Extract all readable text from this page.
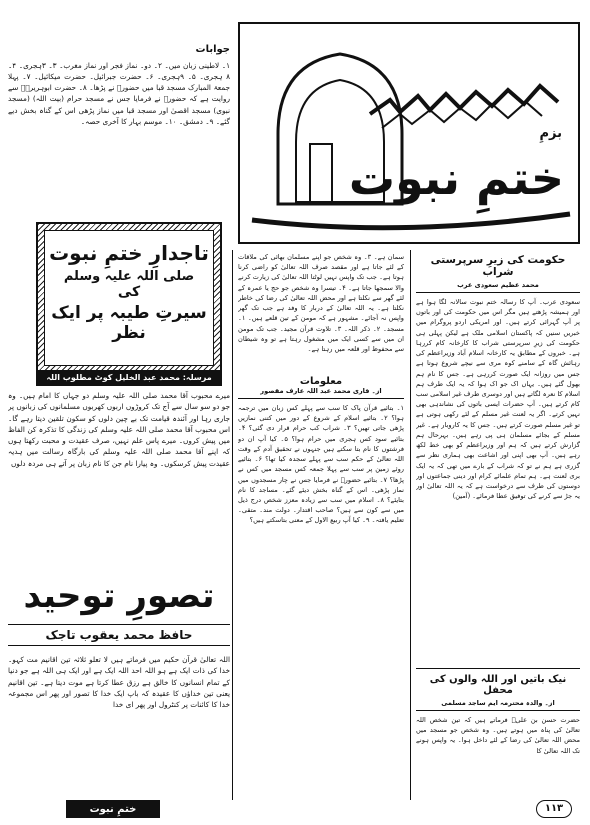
بزمِ
ختمِ نبوت
جوابات
۱۔ لاطینی زبان میں۔ ۲۔ دو۔ نماز فجر اور نماز مغرب۔ ۳۔ ۳ہجری۔ ۴۔ ۸ ہجری۔ ۵۔ ۹ہجری۔ ۶۔ حضرت جبرائیل۔ حضرت میکائیل۔ ۷۔ پہلا جمعۃ المبارک مسجد قبا میں حضورؐ نے پڑھا۔ ۸۔ حضرت ابوہریرہؓ سے روایت ہے کہ حضورؐ نے فرمایا جس نے مسجد حرام (بیت اللہ) (مسجد نبوی) مسجد اقصیٰ اور مسجد قبا میں نماز پڑھی اس کے گناہ بخش دیے گئے۔ ۹۔ دمشق۔ ۱۰۔ موسم بہار کا آخری حصہ۔
تاجدارِ ختمِ نبوت
صلی اللہ علیہ وسلم
کی
سیرتِ طیبہ پر ایک نظر
مرسلہ: محمد عبد الخلیل کوٹ مطلوب اللہ
میرے محبوب آقا محمد صلی اللہ علیہ وسلم دو جہاں کا امام ہیں۔ وہ جو دو سو سال سے آج تک کروڑوں اربوں کھربوں مسلمانوں کی زبانوں پر جاری رہا اور آئندہ قیامت تک بے چین دلوں کو سکون تلقین دیتا رہے گا۔ اس محبوب آقا محمد صلی اللہ علیہ وسلم کی زندگی کا تذکرہ کن الفاظ میں پیش کروں۔ میرے پاس علم نہیں، صرف عقیدت و محبت رکھتا ہوں کہ اپنے آقا محمد صلی اللہ علیہ وسلم کی بارگاہ رسالت میں ہدیہ عقیدت پیش کرسکوں۔ وہ پیارا نام جن کا نام زبان پر آتے ہی مردہ دلوں
تصورِ توحید
حافظ محمد یعقوب تاجک
اللہ تعالیٰ قرآن حکیم میں فرماتے ہیں لا تعلو ثلاثہ تین اقانیم مت کہو۔ خدا کی ذات ایک ہے ہو اللہ احد اللہ ایک ہے اور ایک ہی اللہ ہے جو دنیا کے تمام انسانوں کا خالق ہے رزق عطا کرتا ہے موت دیتا ہے۔ تین اقانیم یعنی تین خداؤں کا عقیدہ کہ باپ ایک خدا کا تصور اور پھر اس مجموعہ خدا کا کائنات پر کنٹرول اور پھر ای خدا
ختمِ نبوت	۱۱۳
سمان ہے۔ ۳۔ وہ شخص جو اپنے مسلمان بھائی کی ملاقات کے لئے جاتا ہے اور مقصد صرف اللہ تعالیٰ کو راضی کرنا ہوتا ہے۔ جب تک واپس نہیں لوٹتا اللہ تعالیٰ کی زیارت کرنے والا سمجھا جاتا ہے۔ ۴۔ تیسرا وہ شخص جو حج یا عمرہ کے لئے گھر سے نکلتا ہے اور محض اللہ تعالیٰ کی رضا کی خاطر نکلتا ہے۔ یہ اللہ تعالیٰ کے دربار کا وفد ہے جب تک گھر واپس نہ آجائے۔ مشہور ہے کہ مومن کے تین قلعے ہیں۔ ۱۔ مسجد۔ ۲۔ ذکر اللہ۔ ۳۔ تلاوت قرآن مجید۔ جب تک مومن ان میں سے کسی ایک میں مشغول رہتا ہے تو وہ شیطان سے محفوظ اور قلعہ میں رہتا ہے۔
معلومات
از۔ قاری محمد عبد اللہ عارف مقصور
۱۔ بتائیے قرآن پاک کا سب سے پہلے کس زبان میں ترجمہ ہوا؟ ۲۔ بتائیے اسلام کے شروع کے دور میں کتنی نمازیں پڑھی جاتی تھیں؟ ۳۔ شراب کب حرام قرار دی گئی؟ ۴۔ بتائیے سود کس ہجری میں حرام ہوا؟ ۵۔ کیا آپ ان دو فرشتوں کا نام بتا سکتے ہیں جنہوں نے تحقیق آدم کے وقت اللہ تعالیٰ کے حکم سب سے پہلے سجدہ کیا تھا؟ ۶۔ بتائیے روئے زمین پر سب سے پہلا جمعہ کس مسجد میں کس نے پڑھا؟ ۷۔ بتائیے حضورؐ نے فرمایا جس نے چار مسجدوں میں نماز پڑھی۔ اس کے گناہ بخش دیئے گئے۔ مساجد کا نام بتایئے؟ ۸۔ اسلام میں سب سے زیادہ معزز شخص درج ذیل میں سے کون سے ہیں؟ صاحب اقتدار۔ دولت مند۔ متقی۔ تعلیم یافتہ۔ ۹۔ کیا آپ ربیع الاول کے معنی بتاسکتے ہیں؟
حکومت کی زیرِ سرپرستی شراب
محمد عظیم سعودی عرب
سعودی عرب۔ آپ کا رسالہ ختم نبوت سالانہ لگا ہوا ہے اور ہمیشہ پڑھتے ہیں مگر اس میں حکومت کی اور باتوں پر آپ گہرائی کرتے ہیں۔ اور امریکی اردو پروگرام میں خبریں سنیں کہ پاکستان اسلامی ملک ہے لیکن پہلی ہی حکومت کی زیرِ سرپرستی شراب کا کارخانہ کام کررہا ہے۔ خبروں کے مطابق یہ کارخانہ اسلام آباد وزیراعظم کی رہائش گاہ کے سامنے کوہ مری سے نیچے شروع ہوتا ہے جس میں روزانہ ایک صورت کررہی ہے۔ جس کا نام ہم بھول گئے ہیں۔ یہاں اک جو اک ہوا کہ یہ ایک طرف ہم اسلام کا نعرہ لگاتے ہیں اور دوسری طرف غیر اسلامی سب کام کرتے ہیں۔ آپ حضرات ایسی باتوں کی نشاندہی بھی نہیں کرتے۔ اگر یہ لعنت غیر مسلم کے لئے رکھی ہوتی ہے تو غیر مسلم صورت کرتے ہیں۔ جس کا یہ کاروبار ہے۔ غیر مسلم کے بجائے مسلمان ہی پی رہے ہیں۔ بہرحال ہم گزارش کرتے ہیں کہ ہم اور وزیراعظم کو بھی خط لکھ رہے ہیں۔ آپ بھی اپنی اور اشاعت بھی ہماری نظر سے گزری ہے ہم نے تو کہ شراب کے بارے میں تھی کہ یہ ایک بری لعنت ہے۔ ہم تمام علمائے کرام اور دینی جماعتوں اور دوستوں کی طرف سے درخواست ہے کہ یہ اللہ تعالیٰ اور یہ جڑ سے کرنے کی توفیق عطا فرمائے۔ (آمین)
نیک باتیں اور اللہ والوں کی محفل
از۔ والدہ محترمہ ایم ساجد مسلمی
حضرت حسن بن علیؓ فرماتے ہیں کہ تین شخص اللہ تعالیٰ کی پناہ میں ہوتے ہیں۔ وہ شخص جو مسجد میں محض اللہ تعالیٰ کی رضا کے لئے داخل ہوا۔ یہ واپس ہونے تک اللہ تعالیٰ کا
